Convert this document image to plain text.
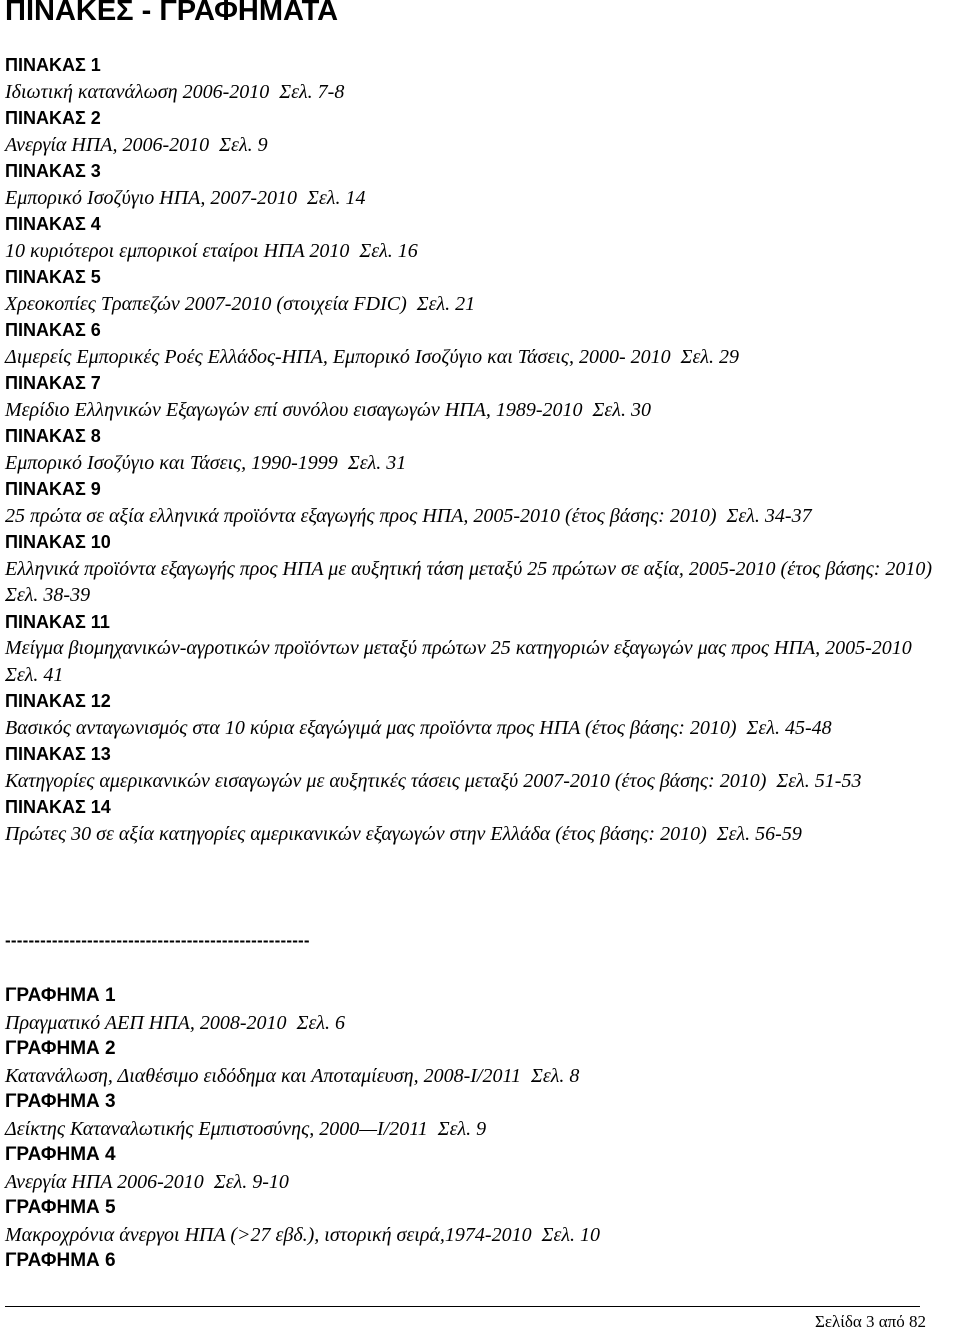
ΠΙΝΑΚΕΣ - ΓΡΑΦΗΜΑΤΑ
ΠΙΝΑΚΑΣ 1
Ιδιωτική κατανάλωση 2006-2010 Σελ. 7-8
ΠΙΝΑΚΑΣ 2
Ανεργία ΗΠΑ, 2006-2010 Σελ. 9
ΠΙΝΑΚΑΣ 3
Εμπορικό Ισοζύγιο ΗΠΑ, 2007-2010 Σελ. 14
ΠΙΝΑΚΑΣ 4
10 κυριότεροι εμπορικοί εταίροι ΗΠΑ 2010 Σελ. 16
ΠΙΝΑΚΑΣ 5
Χρεοκοπίες Τραπεζών 2007-2010 (στοιχεία FDIC) Σελ. 21
ΠΙΝΑΚΑΣ 6
Διμερείς Εμπορικές Ροές Ελλάδος-ΗΠΑ, Εμπορικό Ισοζύγιο και Τάσεις, 2000- 2010 Σελ. 29
ΠΙΝΑΚΑΣ 7
Μερίδιο Ελληνικών Εξαγωγών επί συνόλου εισαγωγών ΗΠΑ, 1989-2010 Σελ. 30
ΠΙΝΑΚΑΣ 8
Εμπορικό Ισοζύγιο και Τάσεις, 1990-1999 Σελ. 31
ΠΙΝΑΚΑΣ 9
25 πρώτα σε αξία ελληνικά προϊόντα εξαγωγής προς ΗΠΑ, 2005-2010 (έτος βάσης: 2010) Σελ. 34-37
ΠΙΝΑΚΑΣ 10
Ελληνικά προϊόντα εξαγωγής προς ΗΠΑ με αυξητική τάση μεταξύ 25 πρώτων σε αξία, 2005-2010 (έτος βάσης: 2010)  Σελ. 38-39
ΠΙΝΑΚΑΣ 11
Μείγμα βιομηχανικών-αγροτικών προϊόντων μεταξύ πρώτων 25 κατηγοριών εξαγωγών μας προς ΗΠΑ, 2005-2010  Σελ. 41
ΠΙΝΑΚΑΣ 12
Βασικός ανταγωνισμός στα 10 κύρια εξαγώγιμά μας προϊόντα προς ΗΠΑ (έτος βάσης: 2010) Σελ. 45-48
ΠΙΝΑΚΑΣ 13
Κατηγορίες αμερικανικών εισαγωγών με αυξητικές τάσεις μεταξύ 2007-2010 (έτος βάσης: 2010) Σελ. 51-53
ΠΙΝΑΚΑΣ 14
Πρώτες 30 σε αξία κατηγορίες αμερικανικών εξαγωγών στην Ελλάδα (έτος βάσης: 2010) Σελ. 56-59
----------------------------------------------------
ΓΡΑΦΗΜΑ 1
Πραγματικό ΑΕΠ ΗΠΑ, 2008-2010 Σελ. 6
ΓΡΑΦΗΜΑ 2
Κατανάλωση, Διαθέσιμο ειδόδημα και Αποταμίευση, 2008-I/2011 Σελ. 8
ΓΡΑΦΗΜΑ 3
Δείκτης Καταναλωτικής Εμπιστοσύνης, 2000—I/2011 Σελ. 9
ΓΡΑΦΗΜΑ 4
Ανεργία ΗΠΑ 2006-2010 Σελ. 9-10
ΓΡΑΦΗΜΑ 5
Μακροχρόνια άνεργοι ΗΠΑ (>27 εβδ.), ιστορική σειρά,1974-2010 Σελ. 10
ΓΡΑΦΗΜΑ 6
Σελίδα 3 από 82
